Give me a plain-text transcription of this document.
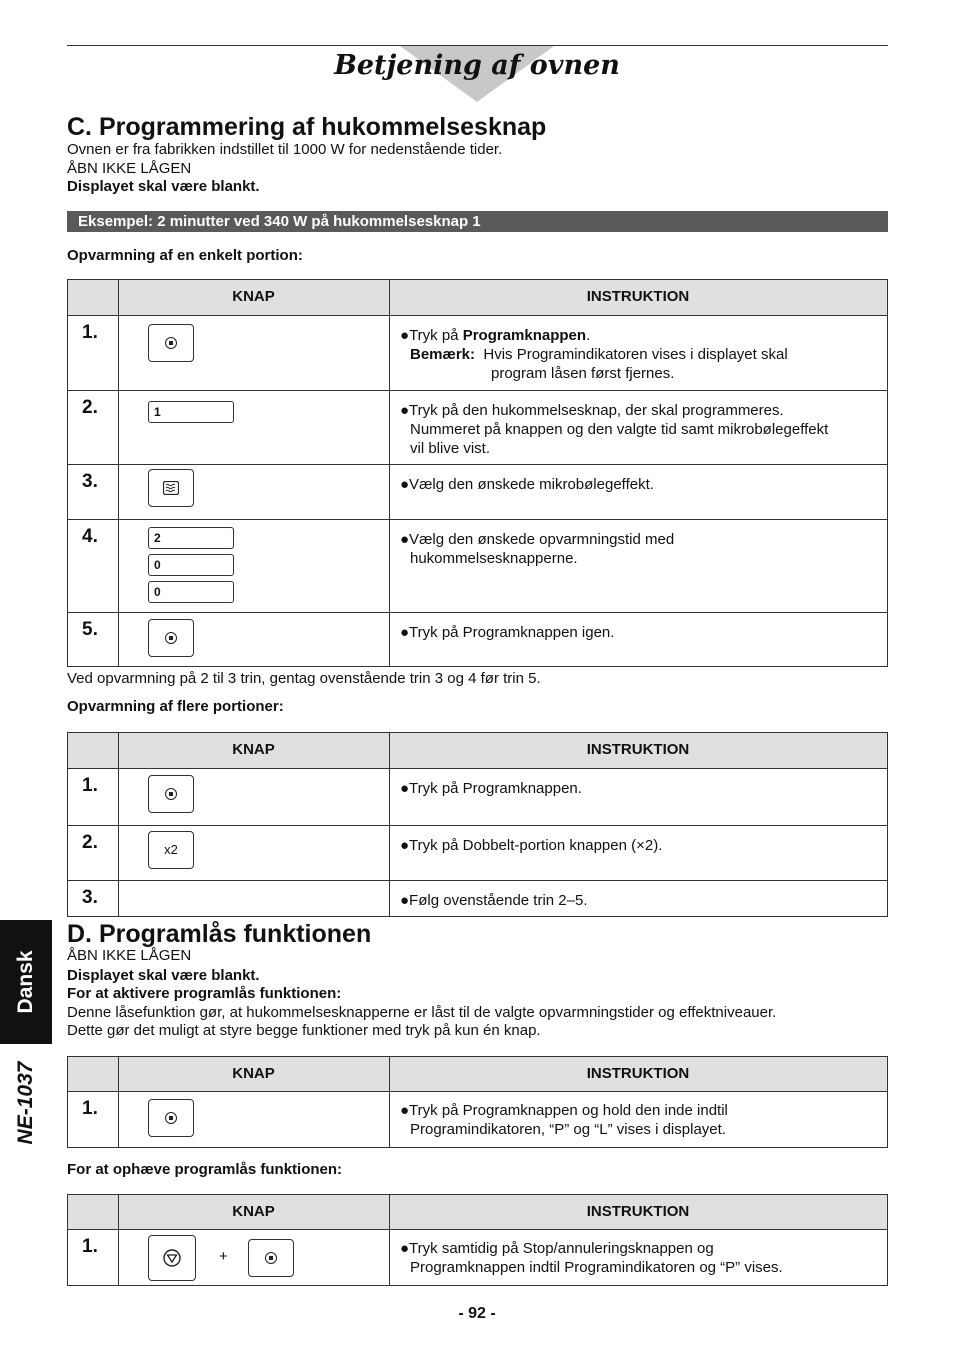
Betjening af ovnen
C. Programmering af hukommelsesknap
Ovnen er fra fabrikken indstillet til 1000 W for nedenstående tider.
ÅBN IKKE LÅGEN
Displayet skal være blankt.
Eksempel: 2 minutter ved 340 W på hukommelsesknap 1
Opvarmning af en enkelt portion:
KNAP	INSTRUKTION
1.	●Tryk på Programknappen.
Bemærk: Hvis Programindikatoren vises i displayet skal
program låsen først fjernes.
2.	1	●Tryk på den hukommelsesknap, der skal programmeres.
Nummeret på knappen og den valgte tid samt mikrobølegeffekt
vil blive vist.
3.	●Vælg den ønskede mikrobølegeffekt.
4.	2
0
0
●Vælg den ønskede opvarmningstid med
hukommelsesknapperne.
5.	●Tryk på Programknappen igen.
Ved opvarmning på 2 til 3 trin, gentag ovenstående trin 3 og 4 før trin 5.
Opvarmning af flere portioner:
KNAP	INSTRUKTION
1.	●Tryk på Programknappen.
2.	x2	●Tryk på Dobbelt-portion knappen (×2).
3.	●Følg ovenstående trin 2–5.
D. Programlås funktionen
ÅBN IKKE LÅGEN
Displayet skal være blankt.
For at aktivere programlås funktionen:
Denne låsefunktion gør, at hukommelsesknapperne er låst til de valgte opvarmningstider og effektniveauer.
Dette gør det muligt at styre begge funktioner med tryk på kun én knap.
KNAP	INSTRUKTION
1.	●Tryk på Programknappen og hold den inde indtil
Programindikatoren, “P” og “L” vises i displayet.
For at ophæve programlås funktionen:
KNAP	INSTRUKTION
1.	+	●Tryk samtidig på Stop/annuleringsknappen og
Programknappen indtil Programindikatoren og “P” vises.
Dansk
NE-1037
- 92 -
